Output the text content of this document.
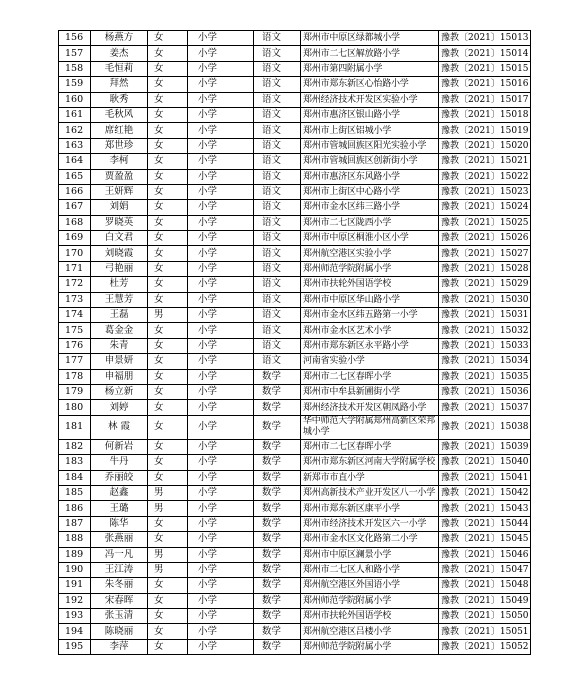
156	杨燕方	女	小学	语文	郑州市中原区绿都城小学	豫教〔2021〕15013
157	姜杰	女	小学	语文	郑州市二七区解放路小学	豫教〔2021〕15014
158	毛恒莉	女	小学	语文	郑州市第四附属小学	豫教〔2021〕15015
159	拜然	女	小学	语文	郑州市郑东新区心怡路小学	豫教〔2021〕15016
160	耿秀	女	小学	语文	郑州经济技术开发区实验小学	豫教〔2021〕15017
161	毛秋风	女	小学	语文	郑州市惠济区银山路小学	豫教〔2021〕15018
162	席红艳	女	小学	语文	郑州市上街区铝城小学	豫教〔2021〕15019
163	郑世珍	女	小学	语文	郑州市管城回族区阳光实验小学	豫教〔2021〕15020
164	李柯	女	小学	语文	郑州市管城回族区创新街小学	豫教〔2021〕15021
165	贾盈盈	女	小学	语文	郑州市惠济区东风路小学	豫教〔2021〕15022
166	王妍辉	女	小学	语文	郑州市上街区中心路小学	豫教〔2021〕15023
167	刘娟	女	小学	语文	郑州市金水区纬三路小学	豫教〔2021〕15024
168	罗晓英	女	小学	语文	郑州市二七区陇西小学	豫教〔2021〕15025
169	白文君	女	小学	语文	郑州市中原区桐淮小区小学	豫教〔2021〕15026
170	刘晓霞	女	小学	语文	郑州航空港区实验小学	豫教〔2021〕15027
171	弓艳丽	女	小学	语文	郑州师范学院附属小学	豫教〔2021〕15028
172	杜芳	女	小学	语文	郑州市扶轮外国语学校	豫教〔2021〕15029
173	王慧芳	女	小学	语文	郑州市中原区华山路小学	豫教〔2021〕15030
174	王磊	男	小学	语文	郑州市金水区纬五路第一小学	豫教〔2021〕15031
175	葛金金	女	小学	语文	郑州市金水区艺术小学	豫教〔2021〕15032
176	朱青	女	小学	语文	郑州市郑东新区永平路小学	豫教〔2021〕15033
177	申景妍	女	小学	语文	河南省实验小学	豫教〔2021〕15034
178	申福朋	女	小学	数学	郑州市二七区春晖小学	豫教〔2021〕15035
179	杨立新	女	小学	数学	郑州市中牟县新圃街小学	豫教〔2021〕15036
180	刘婷	女	小学	数学	郑州经济技术开发区朝凤路小学	豫教〔2021〕15037
181	林 霞	女	小学	数学	华中师范大学附属郑州高新区荣邦城小学	豫教〔2021〕15038
182	何新岩	女	小学	数学	郑州市二七区春晖小学	豫教〔2021〕15039
183	牛丹	女	小学	数学	郑州市郑东新区河南大学附属学校	豫教〔2021〕15040
184	乔丽皎	女	小学	数学	新郑市市直小学	豫教〔2021〕15041
185	赵鑫	男	小学	数学	郑州高新技术产业开发区八一小学	豫教〔2021〕15042
186	王璐	男	小学	数学	郑州市郑东新区康平小学	豫教〔2021〕15043
187	陈华	女	小学	数学	郑州市经济技术开发区六一小学	豫教〔2021〕15044
188	张燕丽	女	小学	数学	郑州市金水区文化路第二小学	豫教〔2021〕15045
189	冯一凡	男	小学	数学	郑州市中原区澜景小学	豫教〔2021〕15046
190	王江涛	男	小学	数学	郑州市二七区人和路小学	豫教〔2021〕15047
191	朱冬丽	女	小学	数学	郑州航空港区外国语小学	豫教〔2021〕15048
192	宋春晖	女	小学	数学	郑州师范学院附属小学	豫教〔2021〕15049
193	张玉清	女	小学	数学	郑州市扶轮外国语学校	豫教〔2021〕15050
194	陈晓丽	女	小学	数学	郑州航空港区吕楼小学	豫教〔2021〕15051
195	李萍	女	小学	数学	郑州师范学院附属小学	豫教〔2021〕15052
